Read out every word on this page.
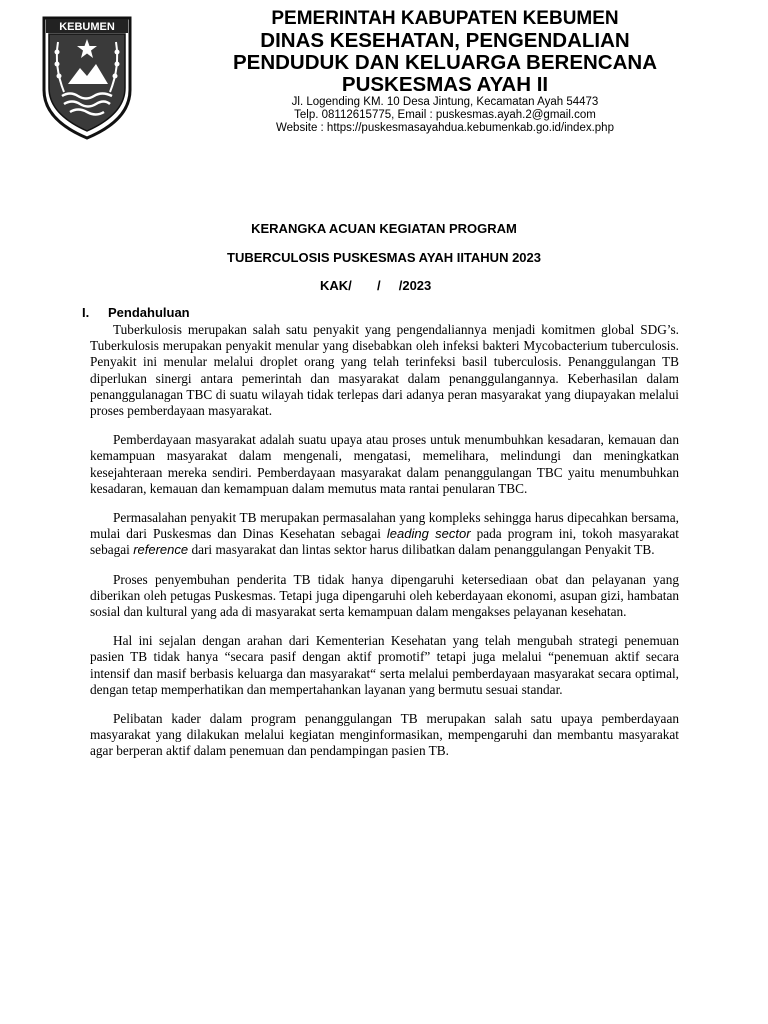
KEBUMEN	PEMERINTAH KABUPATEN KEBUMEN
DINAS KESEHATAN, PENGENDALIAN
PENDUDUK DAN KELUARGA BERENCANA
PUSKESMAS AYAH II
Jl. Logending KM. 10 Desa Jintung, Kecamatan Ayah 54473
Telp. 08112615775, Email : puskesmas.ayah.2@gmail.com
Website : https://puskesmasayahdua.kebumenkab.go.id/index.php
KERANGKA ACUAN KEGIATAN PROGRAM
TUBERCULOSIS PUSKESMAS AYAH IITAHUN 2023
KAK/       /     /2023
I. Pendahuluan

Tuberkulosis merupakan salah satu penyakit yang pengendaliannya menjadi komitmen global SDG’s. Tuberkulosis merupakan penyakit menular yang disebabkan oleh infeksi bakteri Mycobacterium tuberculosis. Penyakit ini menular melalui droplet orang yang telah terinfeksi basil tuberculosis. Penanggulangan TB diperlukan sinergi antara pemerintah dan masyarakat dalam penanggulangannya. Keberhasilan dalam penanggulanagan TBC di suatu wilayah tidak terlepas dari adanya peran masyarakat yang diupayakan melalui proses pemberdayaan masyarakat.

Pemberdayaan masyarakat adalah suatu upaya atau proses untuk menumbuhkan kesadaran, kemauan dan kemampuan masyarakat dalam mengenali, mengatasi, memelihara, melindungi dan meningkatkan kesejahteraan mereka sendiri. Pemberdayaan masyarakat dalam penanggulangan TBC yaitu menumbuhkan kesadaran, kemauan dan kemampuan dalam memutus mata rantai penularan TBC.

Permasalahan penyakit TB merupakan permasalahan yang kompleks sehingga harus dipecahkan bersama, mulai dari Puskesmas dan Dinas Kesehatan sebagai leading sector pada program ini, tokoh masyarakat sebagai reference dari masyarakat dan lintas sektor harus dilibatkan dalam penanggulangan Penyakit TB.

Proses penyembuhan penderita TB tidak hanya dipengaruhi ketersediaan obat dan pelayanan yang diberikan oleh petugas Puskesmas. Tetapi juga dipengaruhi oleh keberdayaan ekonomi, asupan gizi, hambatan sosial dan kultural yang ada di masyarakat serta kemampuan dalam mengakses pelayanan kesehatan.

Hal ini sejalan dengan arahan dari Kementerian Kesehatan yang telah mengubah strategi penemuan pasien TB tidak hanya “secara pasif dengan aktif promotif” tetapi juga melalui “penemuan aktif secara intensif dan masif berbasis keluarga dan masyarakat“ serta melalui pemberdayaan masyarakat secara optimal, dengan tetap memperhatikan dan mempertahankan layanan yang bermutu sesuai standar.

Pelibatan kader dalam program penanggulangan TB merupakan salah satu upaya pemberdayaan masyarakat yang dilakukan melalui kegiatan menginformasikan, mempengaruhi dan membantu masyarakat agar berperan aktif dalam penemuan dan pendampingan pasien TB.
